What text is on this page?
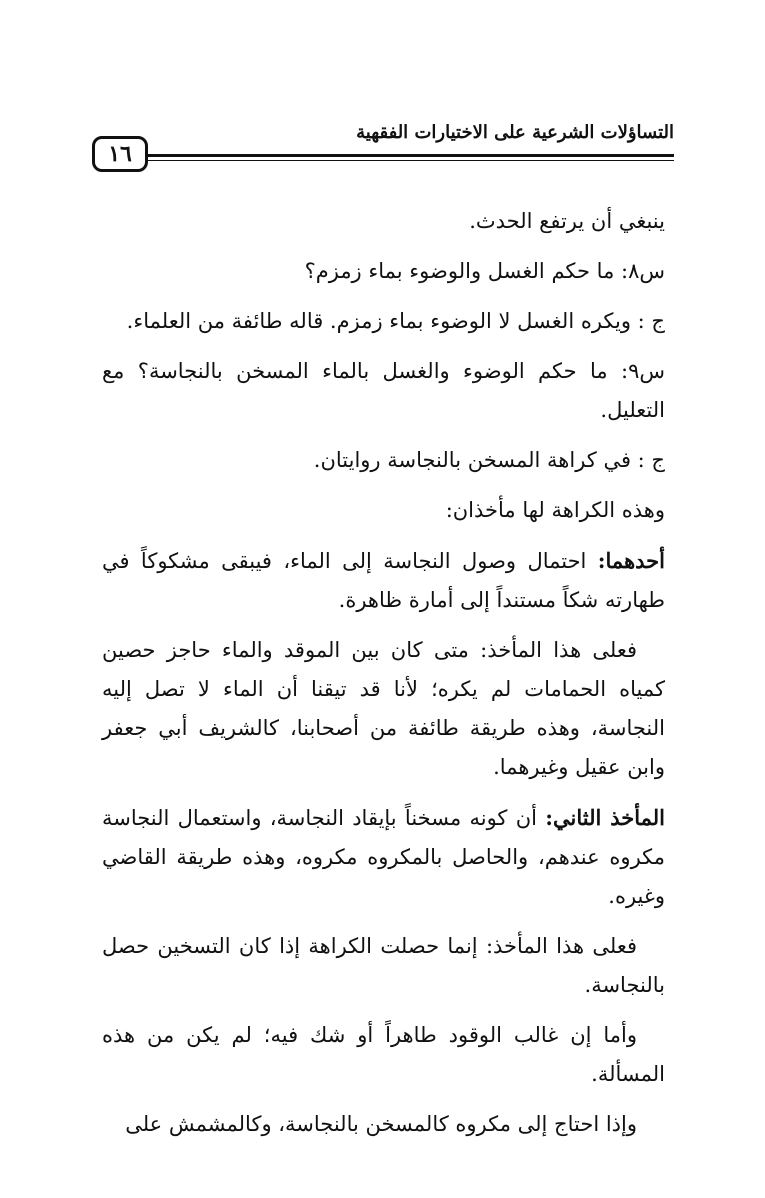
١٦
التساؤلات الشرعية على الاختيارات الفقهية

ينبغي أن يرتفع الحدث.

س٨: ما حكم الغسل والوضوء بماء زمزم؟

ج : ويكره الغسل لا الوضوء بماء زمزم. قاله طائفة من العلماء.

س٩: ما حكم الوضوء والغسل بالماء المسخن بالنجاسة؟ مع التعليل.

ج : في كراهة المسخن بالنجاسة روايتان.

وهذه الكراهة لها مأخذان:

أحدهما: احتمال وصول النجاسة إلى الماء، فيبقى مشكوكاً في طهارته شكاً مستنداً إلى أمارة ظاهرة.

فعلى هذا المأخذ: متى كان بين الموقد والماء حاجز حصين كمياه الحمامات لم يكره؛ لأنا قد تيقنا أن الماء لا تصل إليه النجاسة، وهذه طريقة طائفة من أصحابنا، كالشريف أبي جعفر وابن عقيل وغيرهما.

المأخذ الثاني: أن كونه مسخناً بإيقاد النجاسة، واستعمال النجاسة مكروه عندهم، والحاصل بالمكروه مكروه، وهذه طريقة القاضي وغيره.

فعلى هذا المأخذ: إنما حصلت الكراهة إذا كان التسخين حصل بالنجاسة.

وأما إن غالب الوقود طاهراً أو شك فيه؛ لم يكن من هذه المسألة.

وإذا احتاج إلى مكروه كالمسخن بالنجاسة، وكالمشمش على
